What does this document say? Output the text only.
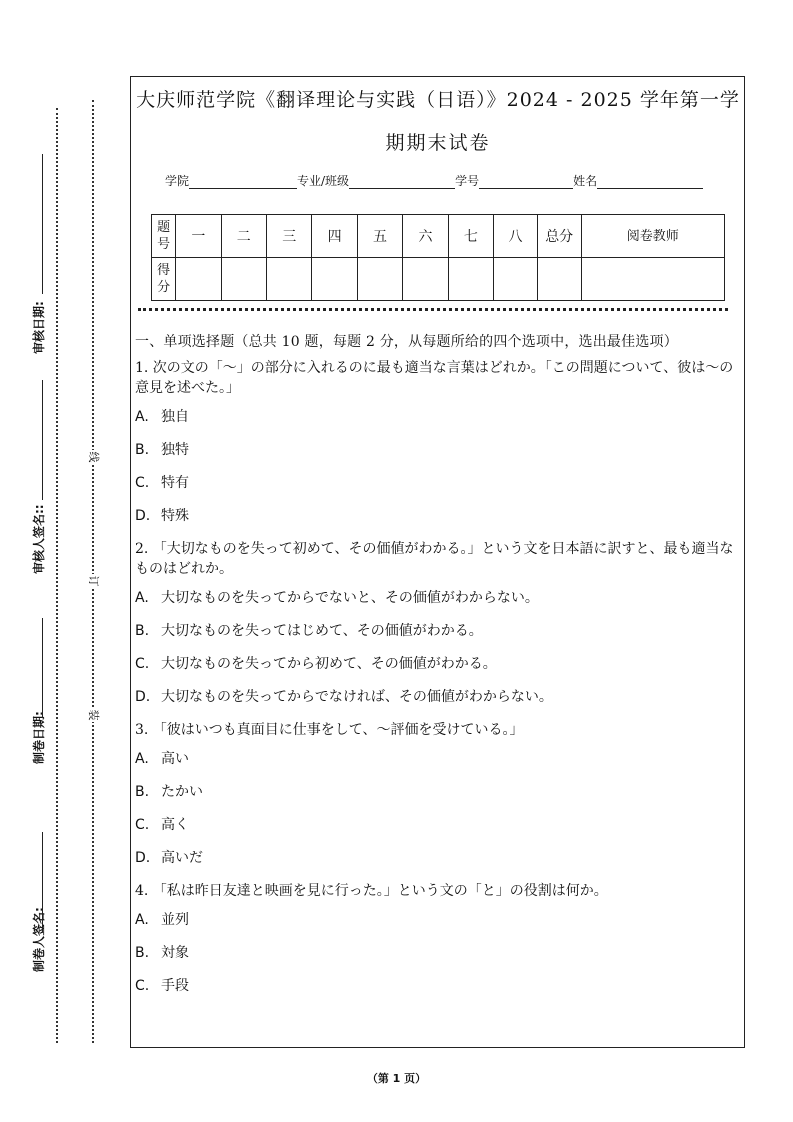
制卷人签名:
制卷日期:
审核人签名::
审核日期:
线
订
装
大庆师范学院《翻译理论与实践（日语）》2024 - 2025 学年第一学
期期末试卷
学院	专业/班级	学号	姓名
题号	一	二	三	四	五	六	七	八	总分	阅卷教师
得分										
一、单项选择题（总共 10 题，每题 2 分，从每题所给的四个选项中，选出最佳选项）
1. 次の文の「～」の部分に入れるのに最も適当な言葉はどれか。「この問題について、彼は～の意見を述べた。」
A. 独自
B. 独特
C. 特有
D. 特殊
2. 「大切なものを失って初めて、その価値がわかる。」という文を日本語に訳すと、最も適当なものはどれか。
A. 大切なものを失ってからでないと、その価値がわからない。
B. 大切なものを失ってはじめて、その価値がわかる。
C. 大切なものを失ってから初めて、その価値がわかる。
D. 大切なものを失ってからでなければ、その価値がわからない。
3. 「彼はいつも真面目に仕事をして、～評価を受けている。」
A. 高い
B. たかい
C. 高く
D. 高いだ
4. 「私は昨日友達と映画を見に行った。」という文の「と」の役割は何か。
A. 並列
B. 対象
C. 手段
（第 1 页）
